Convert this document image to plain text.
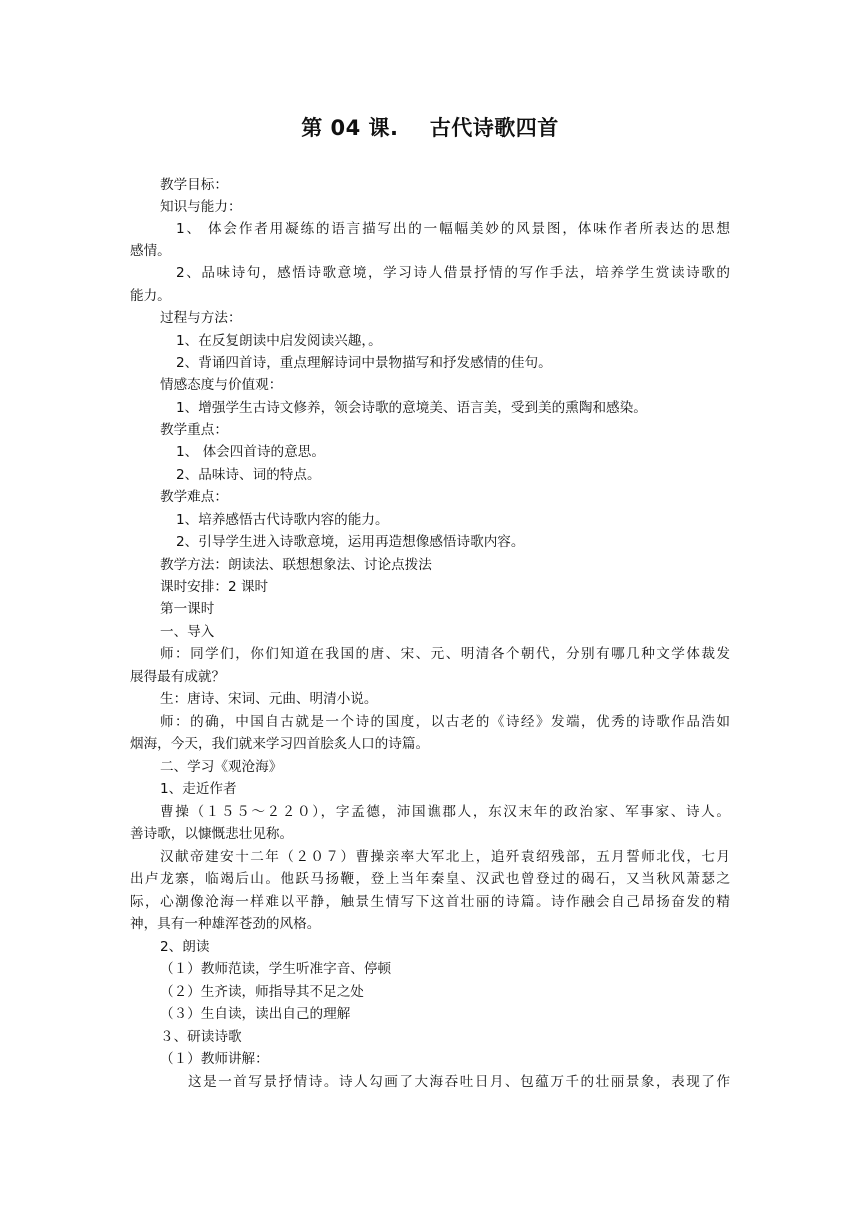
第 04 课.    古代诗歌四首
教学目标：
知识与能力：
1、 体会作者用凝练的语言描写出的一幅幅美妙的风景图，体味作者所表达的思想
感情。
2、品味诗句，感悟诗歌意境，学习诗人借景抒情的写作手法，培养学生赏读诗歌的
能力。
过程与方法：
1、在反复朗读中启发阅读兴趣，。
2、背诵四首诗，重点理解诗词中景物描写和抒发感情的佳句。
情感态度与价值观：
1、增强学生古诗文修养，领会诗歌的意境美、语言美，受到美的熏陶和感染。
教学重点：
1、 体会四首诗的意思。
2、品味诗、词的特点。
教学难点：
1、培养感悟古代诗歌内容的能力。
2、引导学生进入诗歌意境，运用再造想像感悟诗歌内容。
教学方法：朗读法、联想想象法、讨论点拨法
课时安排：2 课时
第一课时
一、导入
师：同学们，你们知道在我国的唐、宋、元、明清各个朝代，分别有哪几种文学体裁发
展得最有成就？
生：唐诗、宋词、元曲、明清小说。
师：的确，中国自古就是一个诗的国度，以古老的《诗经》发端，优秀的诗歌作品浩如
烟海，今天，我们就来学习四首脍炙人口的诗篇。
二、学习《观沧海》
1、走近作者
曹操（１５５～２２０），字孟德，沛国谯郡人，东汉末年的政治家、军事家、诗人。
善诗歌，以慷慨悲壮见称。
汉献帝建安十二年（２０７）曹操亲率大军北上，追歼袁绍残部，五月誓师北伐，七月
出卢龙寨，临竭后山。他跃马扬鞭，登上当年秦皇、汉武也曾登过的碣石，又当秋风萧瑟之
际，心潮像沧海一样难以平静，触景生情写下这首壮丽的诗篇。诗作融会自己昂扬奋发的精
神，具有一种雄浑苍劲的风格。
2、朗读
（１）教师范读，学生听准字音、停顿
（２）生齐读，师指导其不足之处
（３）生自读，读出自己的理解
３、研读诗歌
（１）教师讲解：
这是一首写景抒情诗。诗人勾画了大海吞吐日月、包蕴万千的壮丽景象，表现了作
